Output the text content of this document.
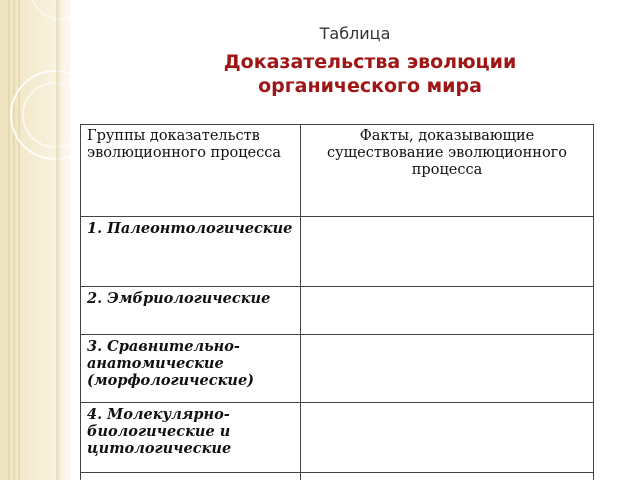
Таблица
Доказательства эволюции органического мира
Группы доказательств эволюционного процесса	Факты, доказывающие существование эволюционного процесса
1. Палеонтологические	
2. Эмбриологические	
3. Сравнительно-анатомические (морфологические)	
4. Молекулярно-биологические и цитологические	
